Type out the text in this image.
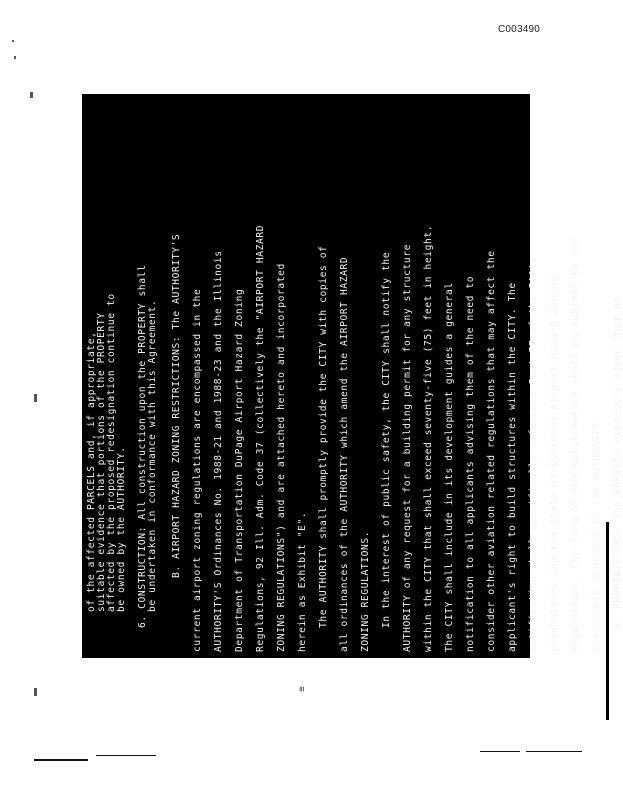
C003490
of the affected PARCELS and, if appropriate, suitable evidence that portions of the PROPERTY affected by the proposed redesignation continue to be owned by the AUTHORITY. 6. CONSTRUCTION: All construction upon the PROPERTY shall be undertaken in conformance with this Agreement. B. AIRPORT HAZARD ZONING RESTRICTIONS: The AUTHORITY'S current airport zoning regulations are encompassed in the AUTHORITY'S Ordinances No. 1988-21 and 1988-23 and the Illinois Department of Transportation DuPage Airport Hazard Zoning Regulations, 92 Ill. Adm. Code 37 (collectively the "AIRPORT HAZARD ZONING REGULATIONS") and are attached hereto and incorporated herein as Exhibit "E". The AUTHORITY shall promptly provide the CITY with copies of all ordinances of the AUTHORITY which amend the AIRPORT HAZARD ZONING REGULATIONS. In the interest of public safety, the CITY shall notify the AUTHORITY of any request for a building permit for any structure within the CITY that shall exceed seventy-five (75) feet in height. The CITY shall include in its development guides a general notification to all applicants advising them of the need to consider other aviation related regulations that may affect the applicant's right to build structures within the CITY. The notification shall specifically reference Part 77 of the FAA's regulations and the State of Illinois Airport Hazard Zoning Regulations. The form of the notification shall be subject to the reasonable approval of the AUTHORITY. C. PROHIBITIONS: The PARTIES expressly agree that no
≡
